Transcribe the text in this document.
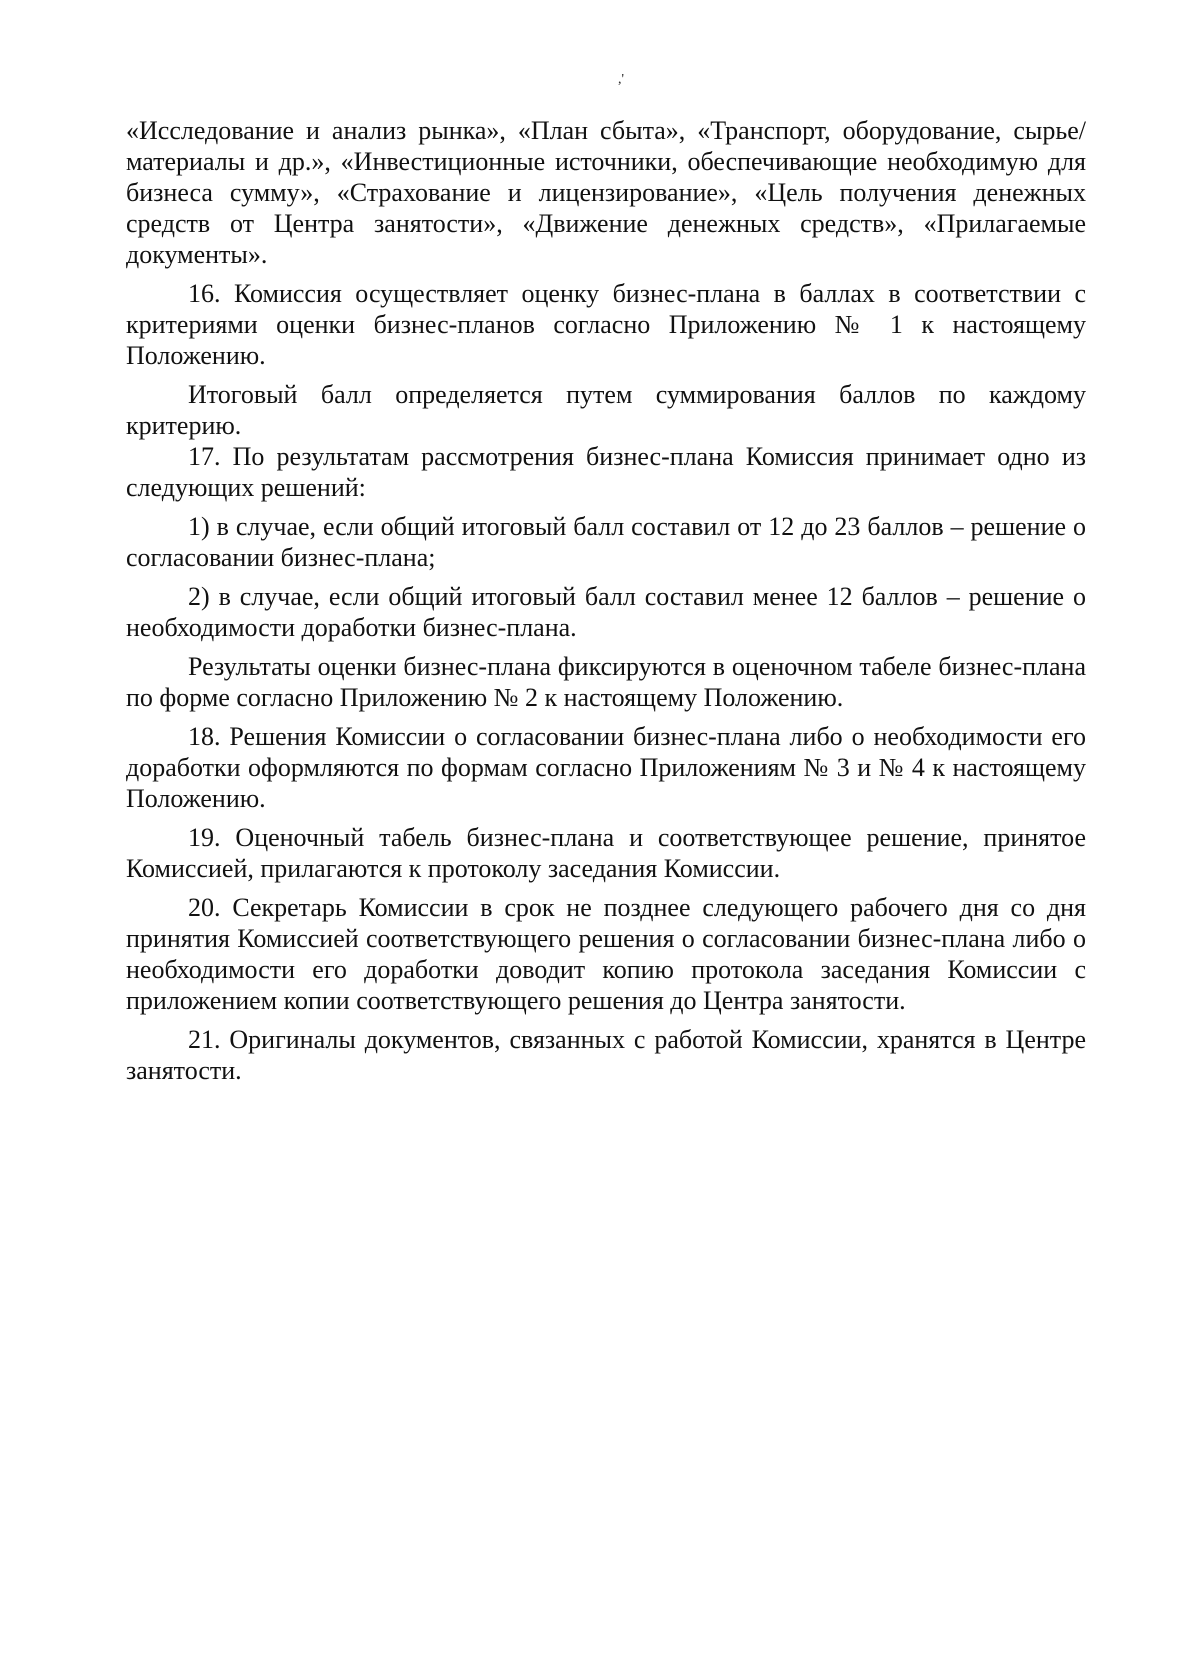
,'

«Исследование и анализ рынка», «План сбыта», «Транспорт, оборудование, сырье/материалы и др.», «Инвестиционные источники, обеспечивающие необходимую для бизнеса сумму», «Страхование и лицензирование», «Цель получения денежных средств от Центра занятости», «Движение денежных средств», «Прилагаемые документы».

16. Комиссия осуществляет оценку бизнес-плана в баллах в соответствии с критериями оценки бизнес-планов согласно Приложению № 1 к настоящему Положению.

Итоговый балл определяется путем суммирования баллов по каждому критерию.

17. По результатам рассмотрения бизнес-плана Комиссия принимает одно из следующих решений:

1) в случае, если общий итоговый балл составил от 12 до 23 баллов – решение о согласовании бизнес-плана;

2) в случае, если общий итоговый балл составил менее 12 баллов – решение о необходимости доработки бизнес-плана.

Результаты оценки бизнес-плана фиксируются в оценочном табеле бизнес-плана по форме согласно Приложению № 2 к настоящему Положению.

18. Решения Комиссии о согласовании бизнес-плана либо о необходимости его доработки оформляются по формам согласно Приложениям № 3 и № 4 к настоящему Положению.

19. Оценочный табель бизнес-плана и соответствующее решение, принятое Комиссией, прилагаются к протоколу заседания Комиссии.

20. Секретарь Комиссии в срок не позднее следующего рабочего дня со дня принятия Комиссией соответствующего решения о согласовании бизнес-плана либо о необходимости его доработки доводит копию протокола заседания Комиссии с приложением копии соответствующего решения до Центра занятости.

21. Оригиналы документов, связанных с работой Комиссии, хранятся в Центре занятости.
